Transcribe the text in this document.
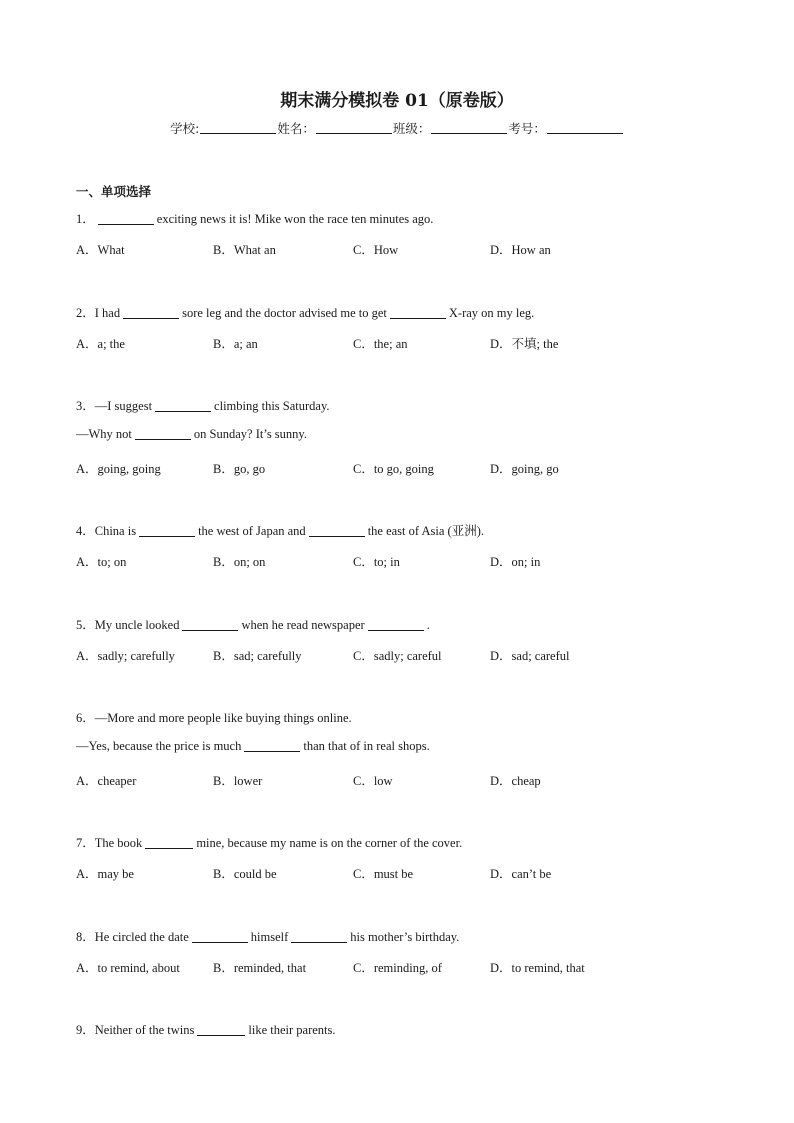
期末满分模拟卷 01（原卷版）
学校:	姓名：	班级：	考号：
一、单项选择
1．	exciting news it is! Mike won the race ten minutes ago.
A．What	B．What an	C．How	D．How an
2．I had	sore leg and the doctor advised me to get	X-ray on my leg.
A．a; the	B．a; an	C．the; an	D．不填; the
3．—I suggest	climbing this Saturday.
—Why not	on Sunday? It’s sunny.
A．going, going	B．go, go	C．to go, going	D．going, go
4．China is	the west of Japan and	the east of Asia (亚洲).
A．to; on	B．on; on	C．to; in	D．on; in
5．My uncle looked	when he read newspaper	.
A．sadly; carefully	B．sad; carefully	C．sadly; careful	D．sad; careful
6．—More and more people like buying things online.
—Yes, because the price is much	than that of in real shops.
A．cheaper	B．lower	C．low	D．cheap
7．The book	mine, because my name is on the corner of the cover.
A．may be	B．could be	C．must be	D．can’t be
8．He circled the date	himself	his mother’s birthday.
A．to remind, about	B．reminded, that	C．reminding, of	D．to remind, that
9．Neither of the twins	like their parents.
